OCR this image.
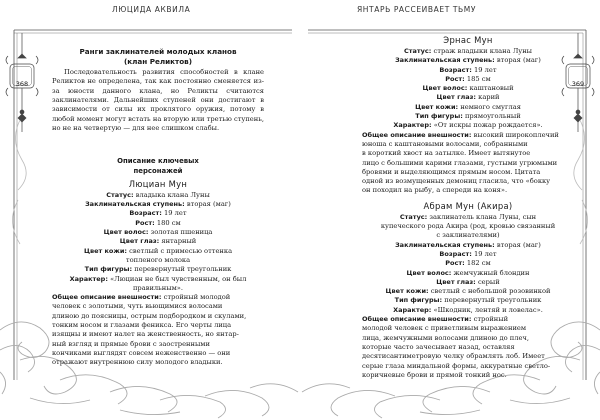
ЛЮЦИДА АКВИЛА
368

Ранги заклинателей молодых кланов

(клан Реликтов)

Последовательность развития способностей в клане Реликтов не определена, так как постоянно сменяется из-за юности данного клана, но Реликты считаются заклинателями. Дальнейших ступеней они достигают в зависимости от силы их проклятого оружия, потому в любой момент могут встать на вторую или третью ступень, но не на четвертую — для нее слишком слабы.

Описание ключевых

персонажей

Люциан Мун

Статус: владыка клана Луны

Заклинательская ступень: вторая (маг)

Возраст: 19 лет

Рост: 180 см

Цвет волос: золотая пшеница

Цвет глаз: янтарный

Цвет кожи: светлый с примесью оттенка

топленого молока

Тип фигуры: перевернутый треугольник

Характер: «Люциан не был чувственным, он был

правильным».

Общее описание внешности: стройный молодой

человек с золотыми, чуть вьющимися волосами

длиною до поясницы, острым подбородком и скулами,

тонким носом и глазами феникса. Его черты лица

изящны и имеют налет на женственность, но янтар-

ный взгляд и прямые брови с заостренными

кончиками выглядят совсем неженственно — они

отражают внутреннюю силу молодого владыки.

ЯНТАРЬ РАССЕИВАЕТ ТЬМУ
369

Эрнас Мун

Статус: страж владыки клана Луны

Заклинательская ступень: вторая (маг)

Возраст: 19 лет

Рост: 185 см

Цвет волос: каштановый

Цвет глаз: карий

Цвет кожи: немного смуглая

Тип фигуры: прямоугольный

Характер: «От искры пожар рождается».

Общее описание внешности: высокий широкоплечий

юноша с каштановыми волосами, собранными

в короткий хвост на затылке. Имеет вытянутое

лицо с большими карими глазами, густыми угрюмыми

бровями и выделяющимся прямым носом. Цитата

одной из возмущенных демониц гласила, что «бокку

он походил на рыбу, а спереди на коня».

Абрам Мун (Акира)

Статус: заклинатель клана Луны, сын

купеческого рода Акира (род, кровью связанный

с заклинателями)

Заклинательская ступень: вторая (маг)

Возраст: 19 лет

Рост: 182 см

Цвет волос: жемчужный блондин

Цвет глаз: серый

Цвет кожи: светлый с небольшой розовинкой

Тип фигуры: перевернутый треугольник

Характер: «Шкодник, лентяй и ловелас».

Общее описание внешности: стройный

молодой человек с приветливым выражением

лица, жемчужными волосами длиною до плеч,

которые часто зачесывает назад, оставляя

десятисантиметровую челку обрамлять лоб. Имеет

серые глаза миндальной формы, аккуратные светло-

коричневые брови и прямой тонкий нос.
